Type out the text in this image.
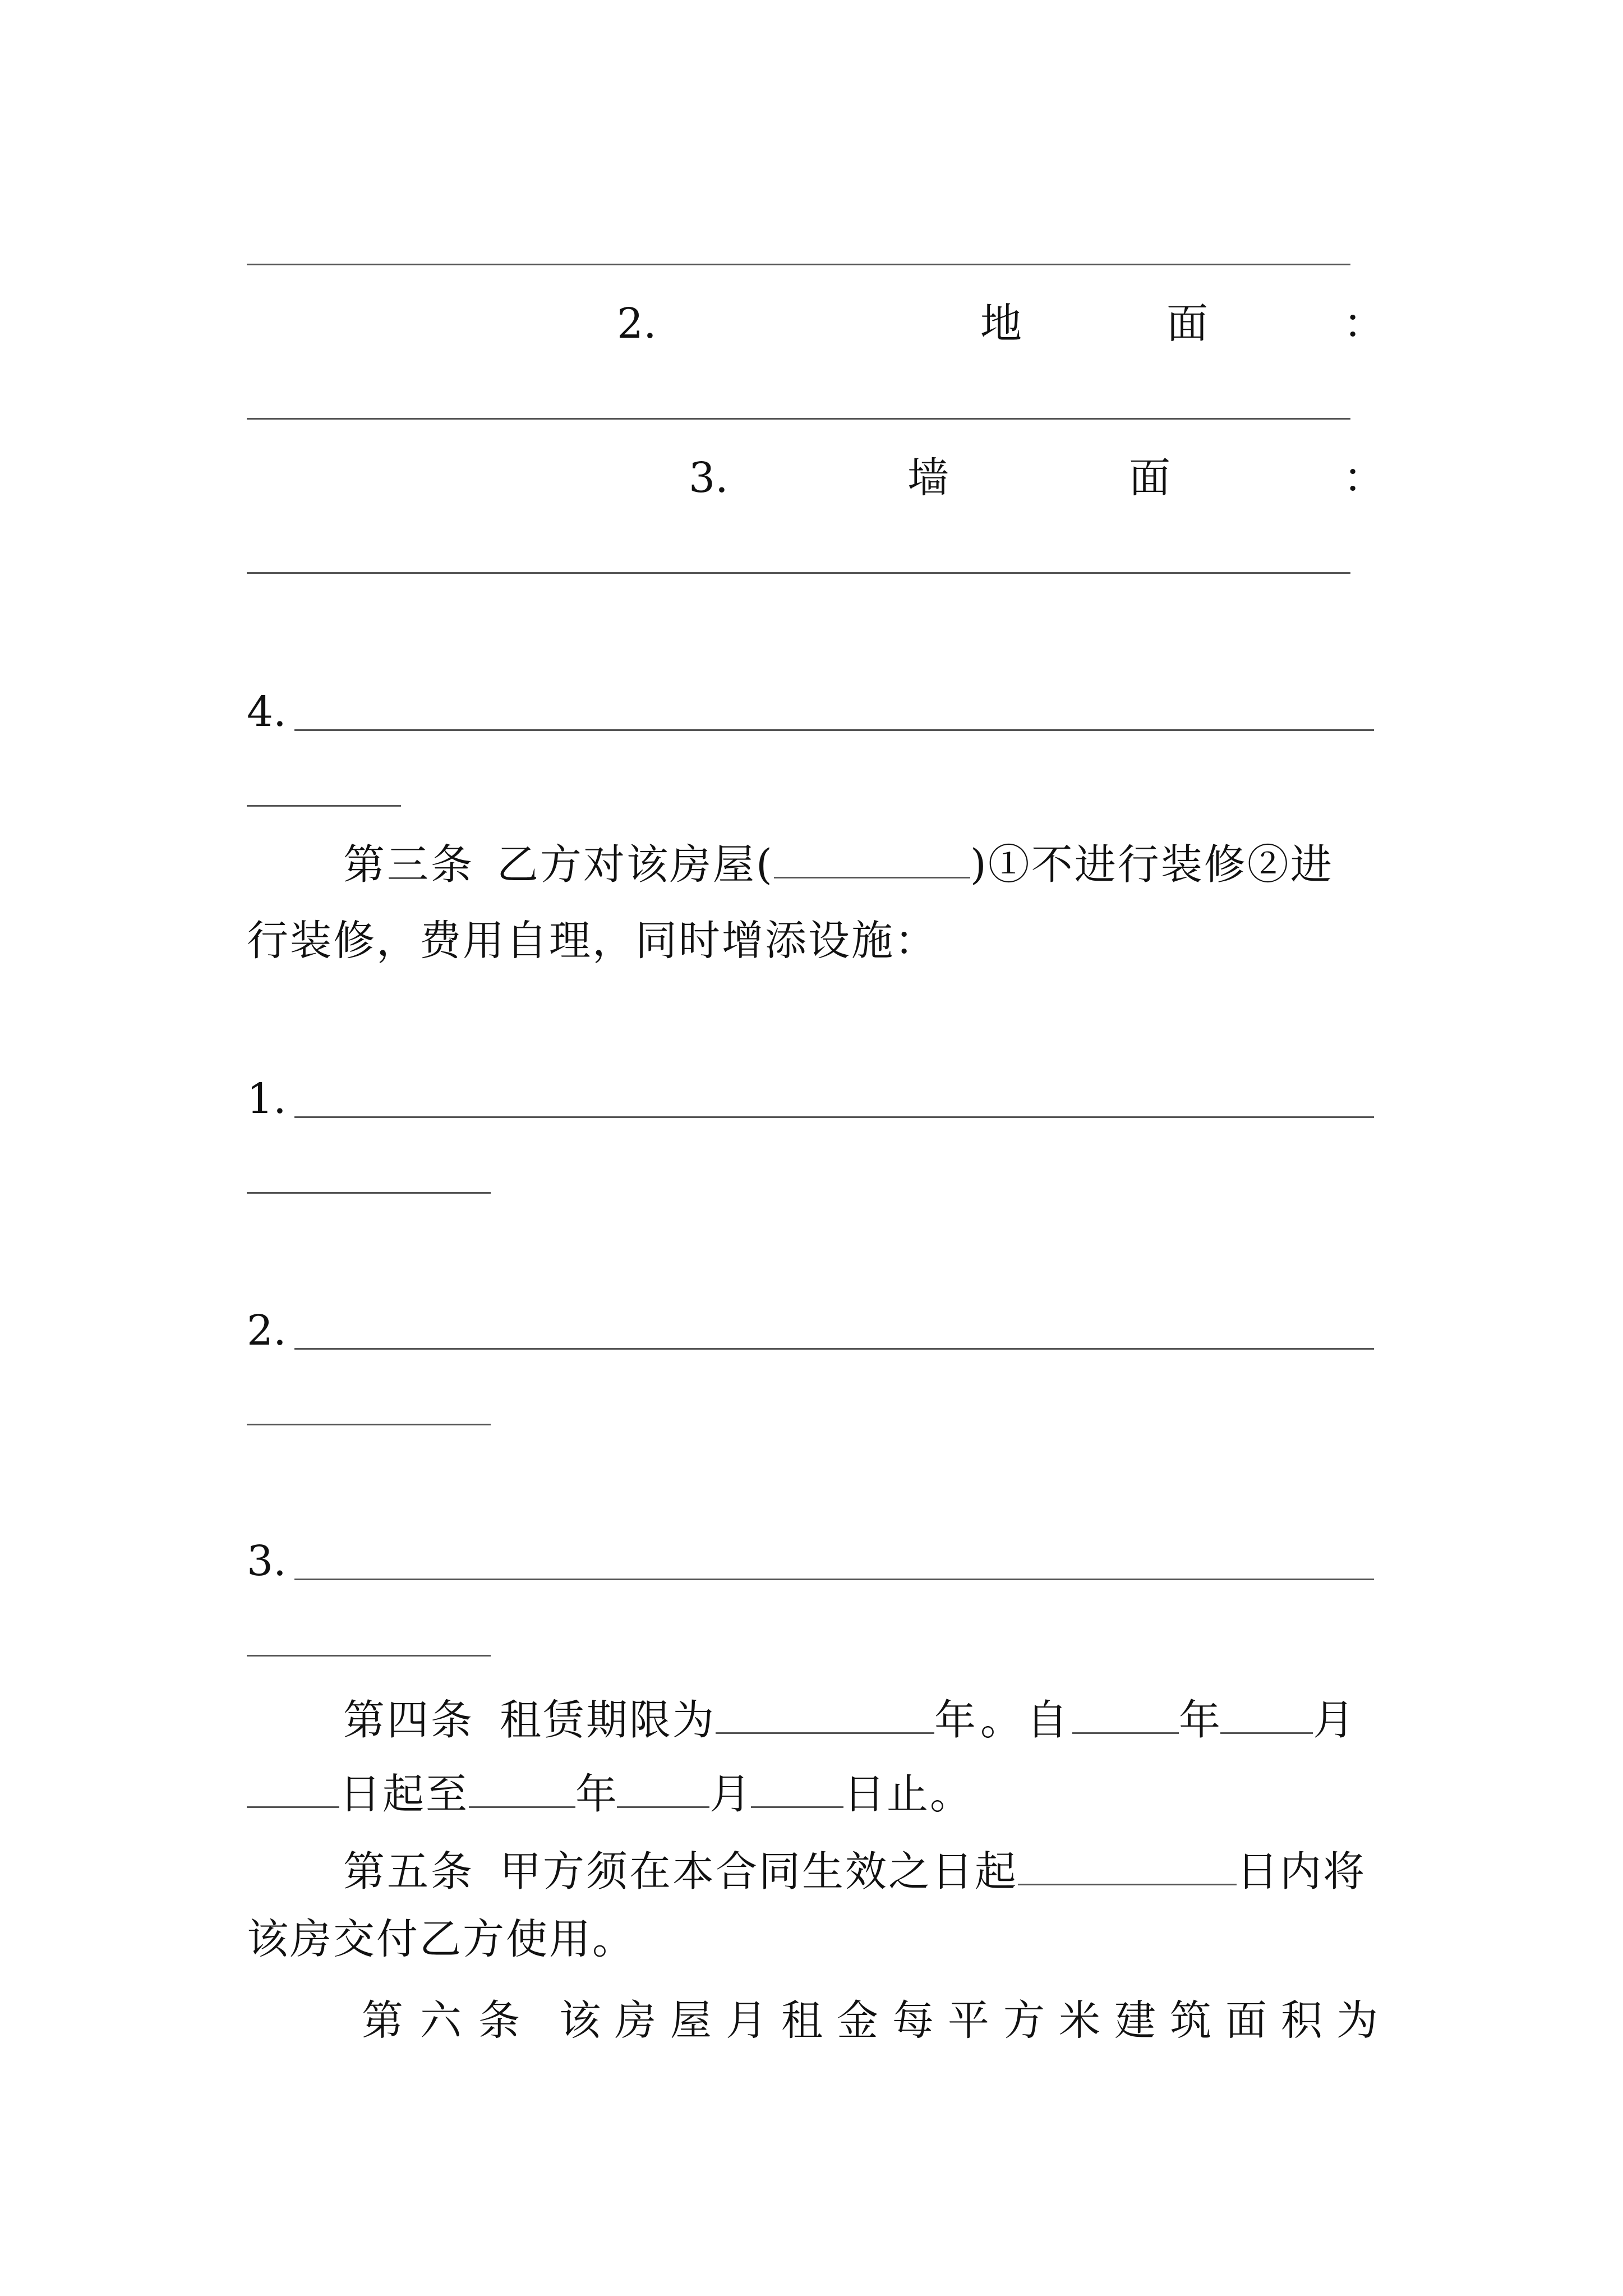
2.	地	面	：
3.	墙	面	：
4.
第三条 乙方对该房屋(	)①不进行装修②进
行装修，费用自理，同时增添设施：
1.
2.
3.
第四条 租赁期限为	年。自	年 月
日起至	年 月 日止。
第五条 甲方须在本合同生效之日起	日内将
该房交付乙方使用。
第 六 条 该 房 屋 月 租 金 每 平 方 米 建 筑 面 积 为
